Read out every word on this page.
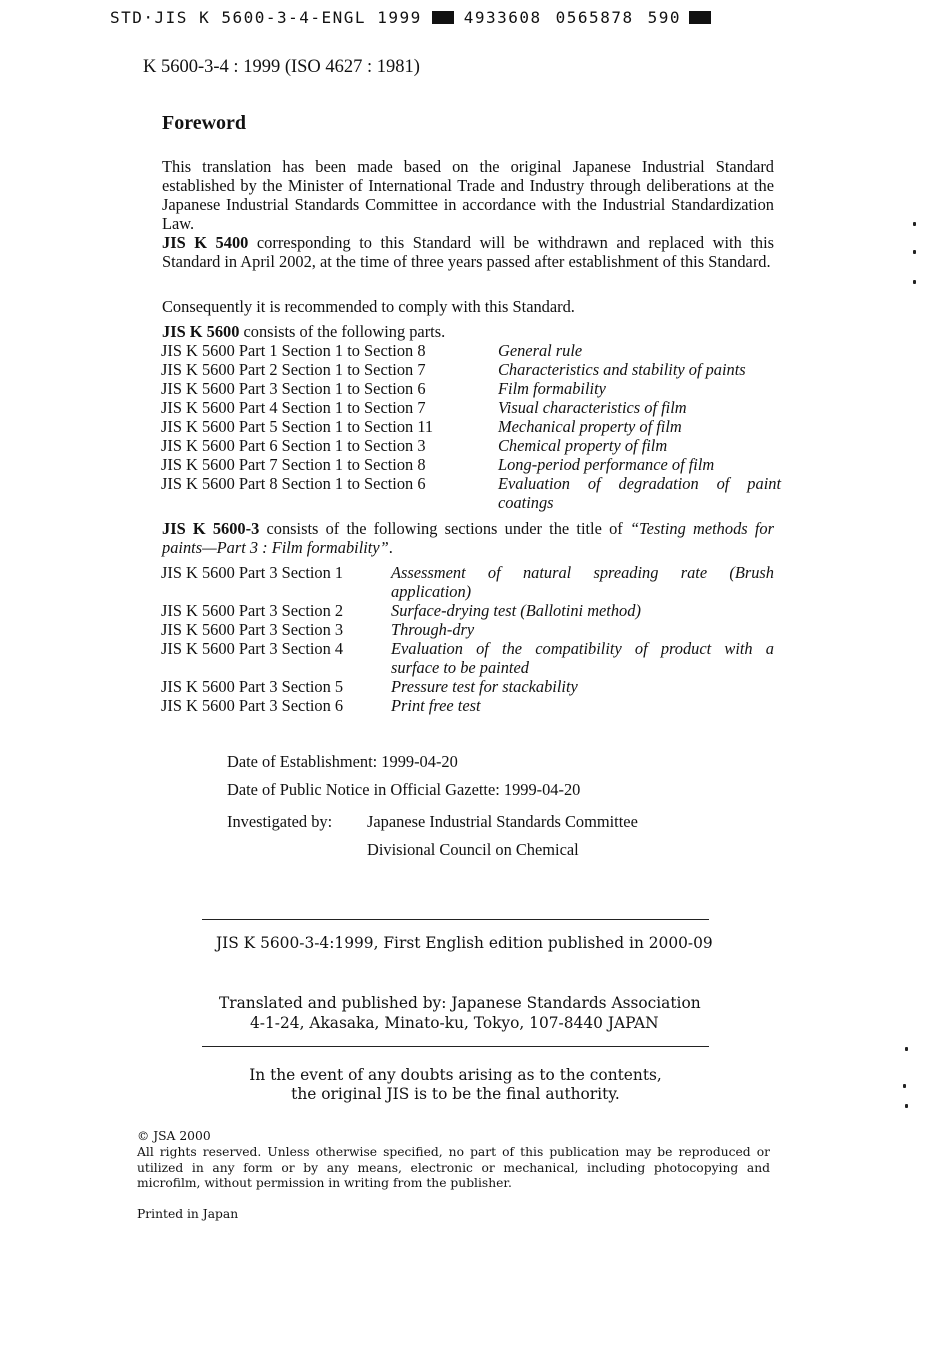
STD·JIS K 5600-3-4-ENGL 1999	4933608 0565878 590
K 5600-3-4 : 1999 (ISO 4627 : 1981)
Foreword
This translation has been made based on the original Japanese Industrial Standard established by the Minister of International Trade and Industry through deliberations at the Japanese Industrial Standards Committee in accordance with the Industrial Standardization Law.
JIS K 5400 corresponding to this Standard will be withdrawn and replaced with this Standard in April 2002, at the time of three years passed after establishment of this Standard.
Consequently it is recommended to comply with this Standard.
JIS K 5600 consists of the following parts.
JIS K 5600 Part 1 Section 1 to Section 8	General rule
JIS K 5600 Part 2 Section 1 to Section 7	Characteristics and stability of paints
JIS K 5600 Part 3 Section 1 to Section 6	Film formability
JIS K 5600 Part 4 Section 1 to Section 7	Visual characteristics of film
JIS K 5600 Part 5 Section 1 to Section 11	Mechanical property of film
JIS K 5600 Part 6 Section 1 to Section 3	Chemical property of film
JIS K 5600 Part 7 Section 1 to Section 8	Long-period performance of film
JIS K 5600 Part 8 Section 1 to Section 6	Evaluation of degradation of paint
coatings
JIS K 5600-3 consists of the following sections under the title of “Testing methods for paints—Part 3 : Film formability”.
JIS K 5600 Part 3 Section 1	Assessment of natural spreading rate (Brush
application)
JIS K 5600 Part 3 Section 2	Surface-drying test (Ballotini method)
JIS K 5600 Part 3 Section 3	Through-dry
JIS K 5600 Part 3 Section 4	Evaluation of the compatibility of product with a
surface to be painted
JIS K 5600 Part 3 Section 5	Pressure test for stackability
JIS K 5600 Part 3 Section 6	Print free test
Date of Establishment: 1999-04-20
Date of Public Notice in Official Gazette: 1999-04-20
Investigated by: Japanese Industrial Standards Committee
Divisional Council on Chemical
JIS K 5600-3-4:1999, First English edition published in 2000-09
Translated and published by: Japanese Standards Association
4-1-24, Akasaka, Minato-ku, Tokyo, 107-8440 JAPAN
In the event of any doubts arising as to the contents,
the original JIS is to be the final authority.
© JSA 2000
All rights reserved. Unless otherwise specified, no part of this publication may be reproduced or utilized in any form or by any means, electronic or mechanical, including photocopying and microfilm, without permission in writing from the publisher.
Printed in Japan
